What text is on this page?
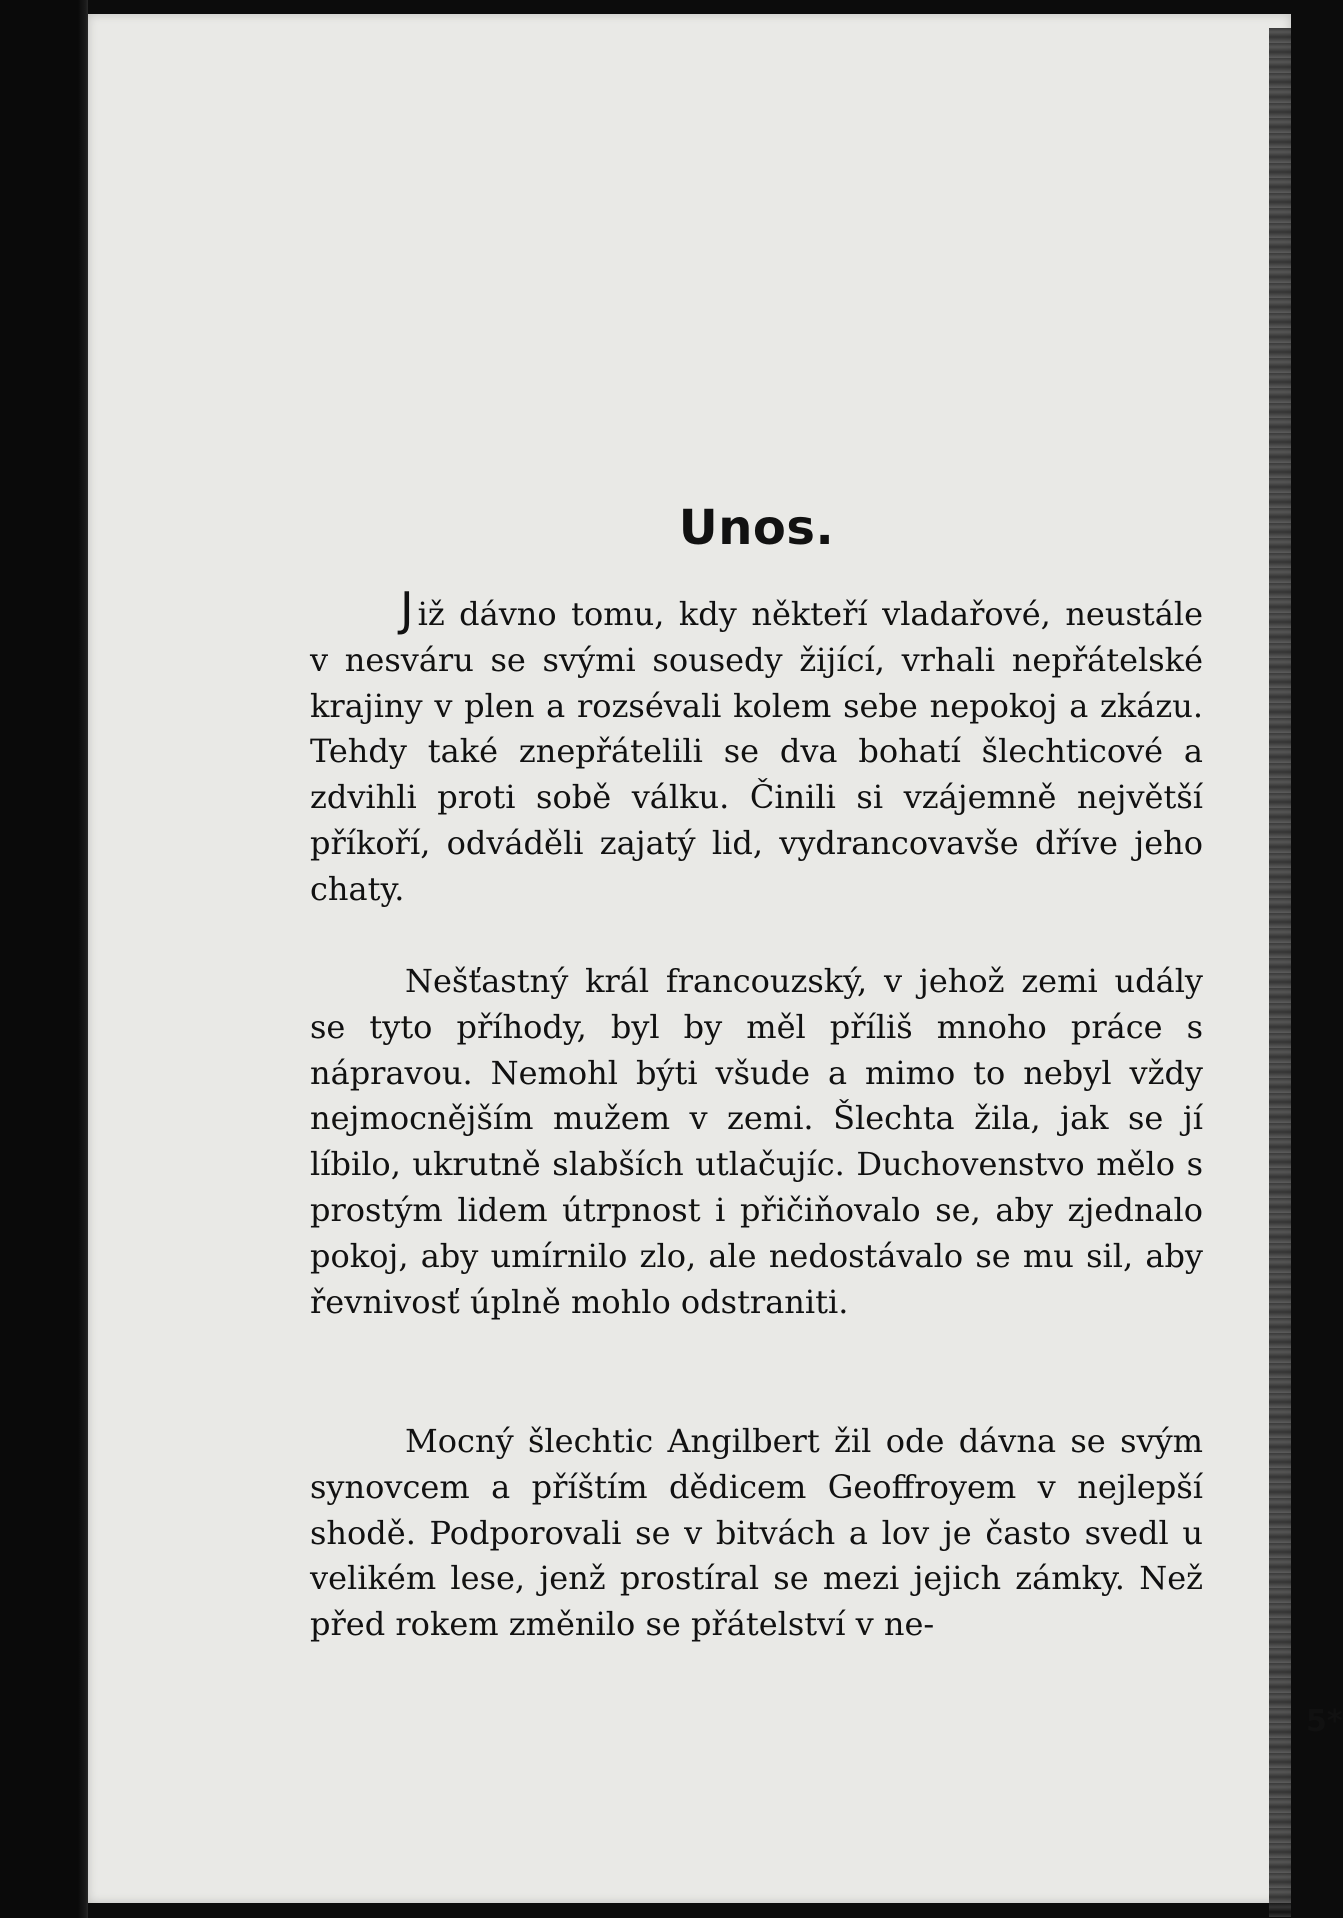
Unos.
J iž dávno tomu, kdy někteří vladařové, neustále v nesváru se svými sousedy žijící, vrhali nepřátelské krajiny v plen a rozsévali kolem sebe nepokoj a zkázu. Tehdy také znepřátelili se dva bohatí šlechticové a zdvihli proti sobě válku. Činili si vzájemně největší příkoří, odváděli zajatý lid, vydrancovavše dříve jeho chaty.
Nešťastný král francouzský, v jehož zemi udály se tyto příhody, byl by měl příliš mnoho práce s nápravou. Nemohl býti všude a mimo to nebyl vždy nejmocnějším mužem v zemi. Šlechta žila, jak se jí líbilo, ukrutně slabších utlačujíc. Duchovenstvo mělo s prostým lidem útrpnost i přičiňovalo se, aby zjednalo pokoj, aby umírnilo zlo, ale nedostávalo se mu sil, aby řevnivosť úplně mohlo odstraniti.
Mocný šlechtic Angilbert žil ode dávna se svým synovcem a příštím dědicem Geoffroyem v nejlepší shodě. Podporovali se v bitvách a lov je často svedl u velikém lese, jenž prostíral se mezi jejich zámky. Než před rokem změnilo se přátelství v ne-
5*
